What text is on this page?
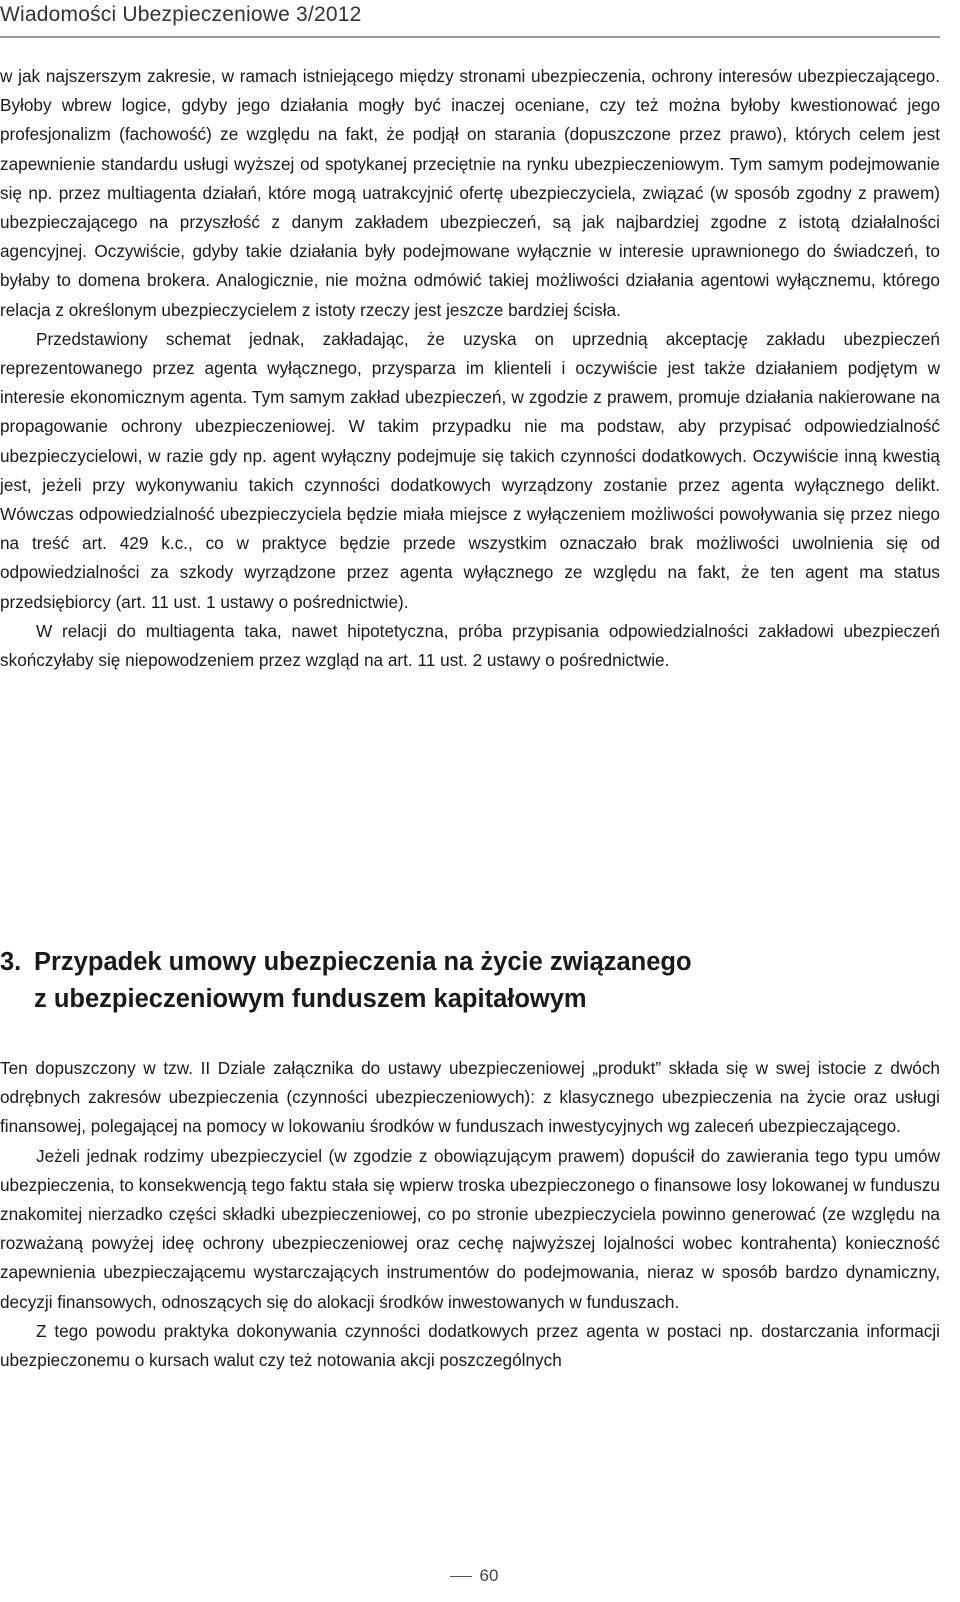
Wiadomości Ubezpieczeniowe 3/2012

w jak najszerszym zakresie, w ramach istniejącego między stronami ubezpieczenia, ochrony interesów ubezpieczającego. Byłoby wbrew logice, gdyby jego działania mogły być inaczej oceniane, czy też można byłoby kwestionować jego profesjonalizm (fachowość) ze względu na fakt, że podjął on starania (dopuszczone przez prawo), których celem jest zapewnienie standardu usługi wyższej od spotykanej przeciętnie na rynku ubezpieczeniowym. Tym samym podejmowanie się np. przez multiagenta działań, które mogą uatrakcyjnić ofertę ubezpieczyciela, związać (w sposób zgodny z prawem) ubezpieczającego na przyszłość z danym zakładem ubezpieczeń, są jak najbardziej zgodne z istotą działalności agencyjnej. Oczywiście, gdyby takie działania były podejmowane wyłącznie w interesie uprawnionego do świadczeń, to byłaby to domena brokera. Analogicznie, nie można odmówić takiej możliwości działania agentowi wyłącznemu, którego relacja z określonym ubezpieczycielem z istoty rzeczy jest jeszcze bardziej ścisła.

Przedstawiony schemat jednak, zakładając, że uzyska on uprzednią akceptację zakładu ubezpieczeń reprezentowanego przez agenta wyłącznego, przysparza im klienteli i oczywiście jest także działaniem podjętym w interesie ekonomicznym agenta. Tym samym zakład ubezpieczeń, w zgodzie z prawem, promuje działania nakierowane na propagowanie ochrony ubezpieczeniowej. W takim przypadku nie ma podstaw, aby przypisać odpowiedzialność ubezpieczycielowi, w razie gdy np. agent wyłączny podejmuje się takich czynności dodatkowych. Oczywiście inną kwestią jest, jeżeli przy wykonywaniu takich czynności dodatkowych wyrządzony zostanie przez agenta wyłącznego delikt. Wówczas odpowiedzialność ubezpieczyciela będzie miała miejsce z wyłączeniem możliwości powoływania się przez niego na treść art. 429 k.c., co w praktyce będzie przede wszystkim oznaczało brak możliwości uwolnienia się od odpowiedzialności za szkody wyrządzone przez agenta wyłącznego ze względu na fakt, że ten agent ma status przedsiębiorcy (art. 11 ust. 1 ustawy o pośrednictwie).

W relacji do multiagenta taka, nawet hipotetyczna, próba przypisania odpowiedzialności zakładowi ubezpieczeń skończyłaby się niepowodzeniem przez wzgląd na art. 11 ust. 2 ustawy o pośrednictwie.

3. Przypadek umowy ubezpieczenia na życie związanego
z ubezpieczeniowym funduszem kapitałowym

Ten dopuszczony w tzw. II Dziale załącznika do ustawy ubezpieczeniowej „produkt” składa się w swej istocie z dwóch odrębnych zakresów ubezpieczenia (czynności ubezpieczeniowych): z klasycznego ubezpieczenia na życie oraz usługi finansowej, polegającej na pomocy w lokowaniu środków w funduszach inwestycyjnych wg zaleceń ubezpieczającego.

Jeżeli jednak rodzimy ubezpieczyciel (w zgodzie z obowiązującym prawem) dopuścił do zawierania tego typu umów ubezpieczenia, to konsekwencją tego faktu stała się wpierw troska ubezpieczonego o finansowe losy lokowanej w funduszu znakomitej nierzadko części składki ubezpieczeniowej, co po stronie ubezpieczyciela powinno generować (ze względu na rozważaną powyżej ideę ochrony ubezpieczeniowej oraz cechę najwyższej lojalności wobec kontrahenta) konieczność zapewnienia ubezpieczającemu wystarczających instrumentów do podejmowania, nieraz w sposób bardzo dynamiczny, decyzji finansowych, odnoszących się do alokacji środków inwestowanych w funduszach.

Z tego powodu praktyka dokonywania czynności dodatkowych przez agenta w postaci np. dostarczania informacji ubezpieczonemu o kursach walut czy też notowania akcji poszczególnych

60
